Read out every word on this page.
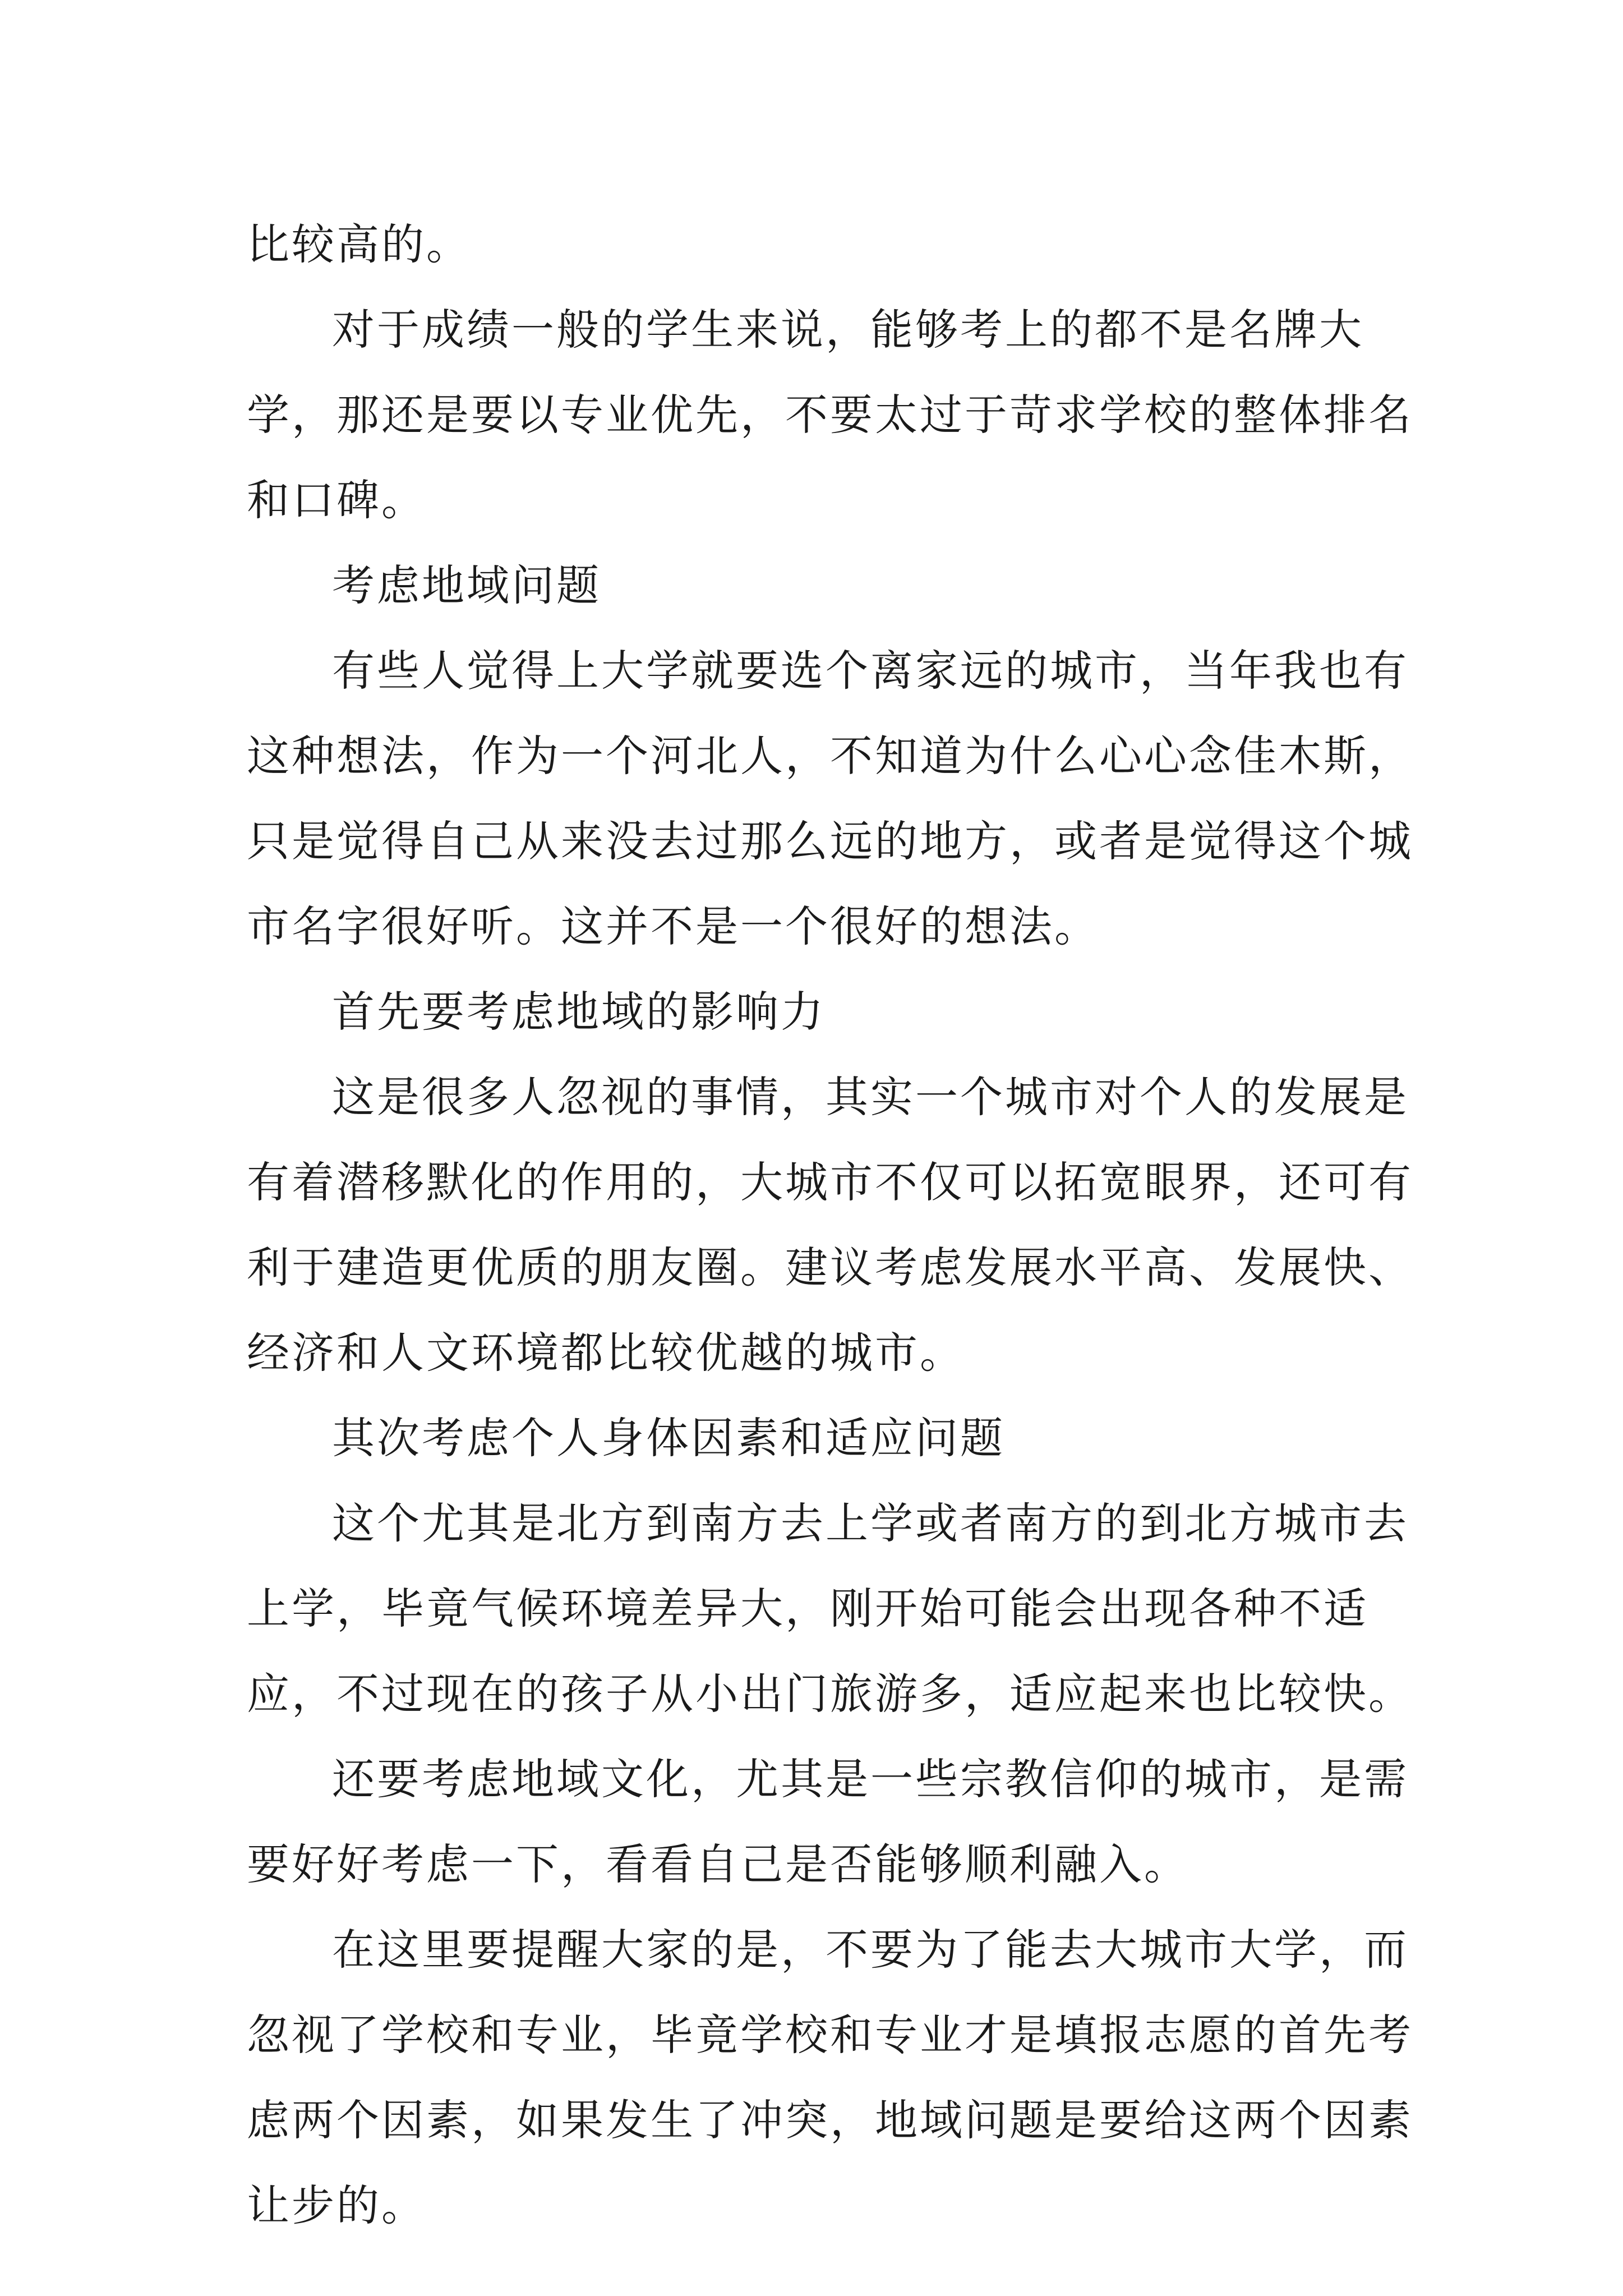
比较高的。

对于成绩一般的学生来说，能够考上的都不是名牌大学，那还是要以专业优先，不要太过于苛求学校的整体排名和口碑。

考虑地域问题

有些人觉得上大学就要选个离家远的城市，当年我也有这种想法，作为一个河北人，不知道为什么心心念佳木斯，只是觉得自己从来没去过那么远的地方，或者是觉得这个城市名字很好听。这并不是一个很好的想法。

首先要考虑地域的影响力

这是很多人忽视的事情，其实一个城市对个人的发展是有着潜移默化的作用的，大城市不仅可以拓宽眼界，还可有利于建造更优质的朋友圈。建议考虑发展水平高、发展快、经济和人文环境都比较优越的城市。

其次考虑个人身体因素和适应问题

这个尤其是北方到南方去上学或者南方的到北方城市去上学，毕竟气候环境差异大，刚开始可能会出现各种不适应，不过现在的孩子从小出门旅游多，适应起来也比较快。

还要考虑地域文化，尤其是一些宗教信仰的城市，是需要好好考虑一下，看看自己是否能够顺利融入。

在这里要提醒大家的是，不要为了能去大城市大学，而忽视了学校和专业，毕竟学校和专业才是填报志愿的首先考虑两个因素，如果发生了冲突，地域问题是要给这两个因素让步的。
